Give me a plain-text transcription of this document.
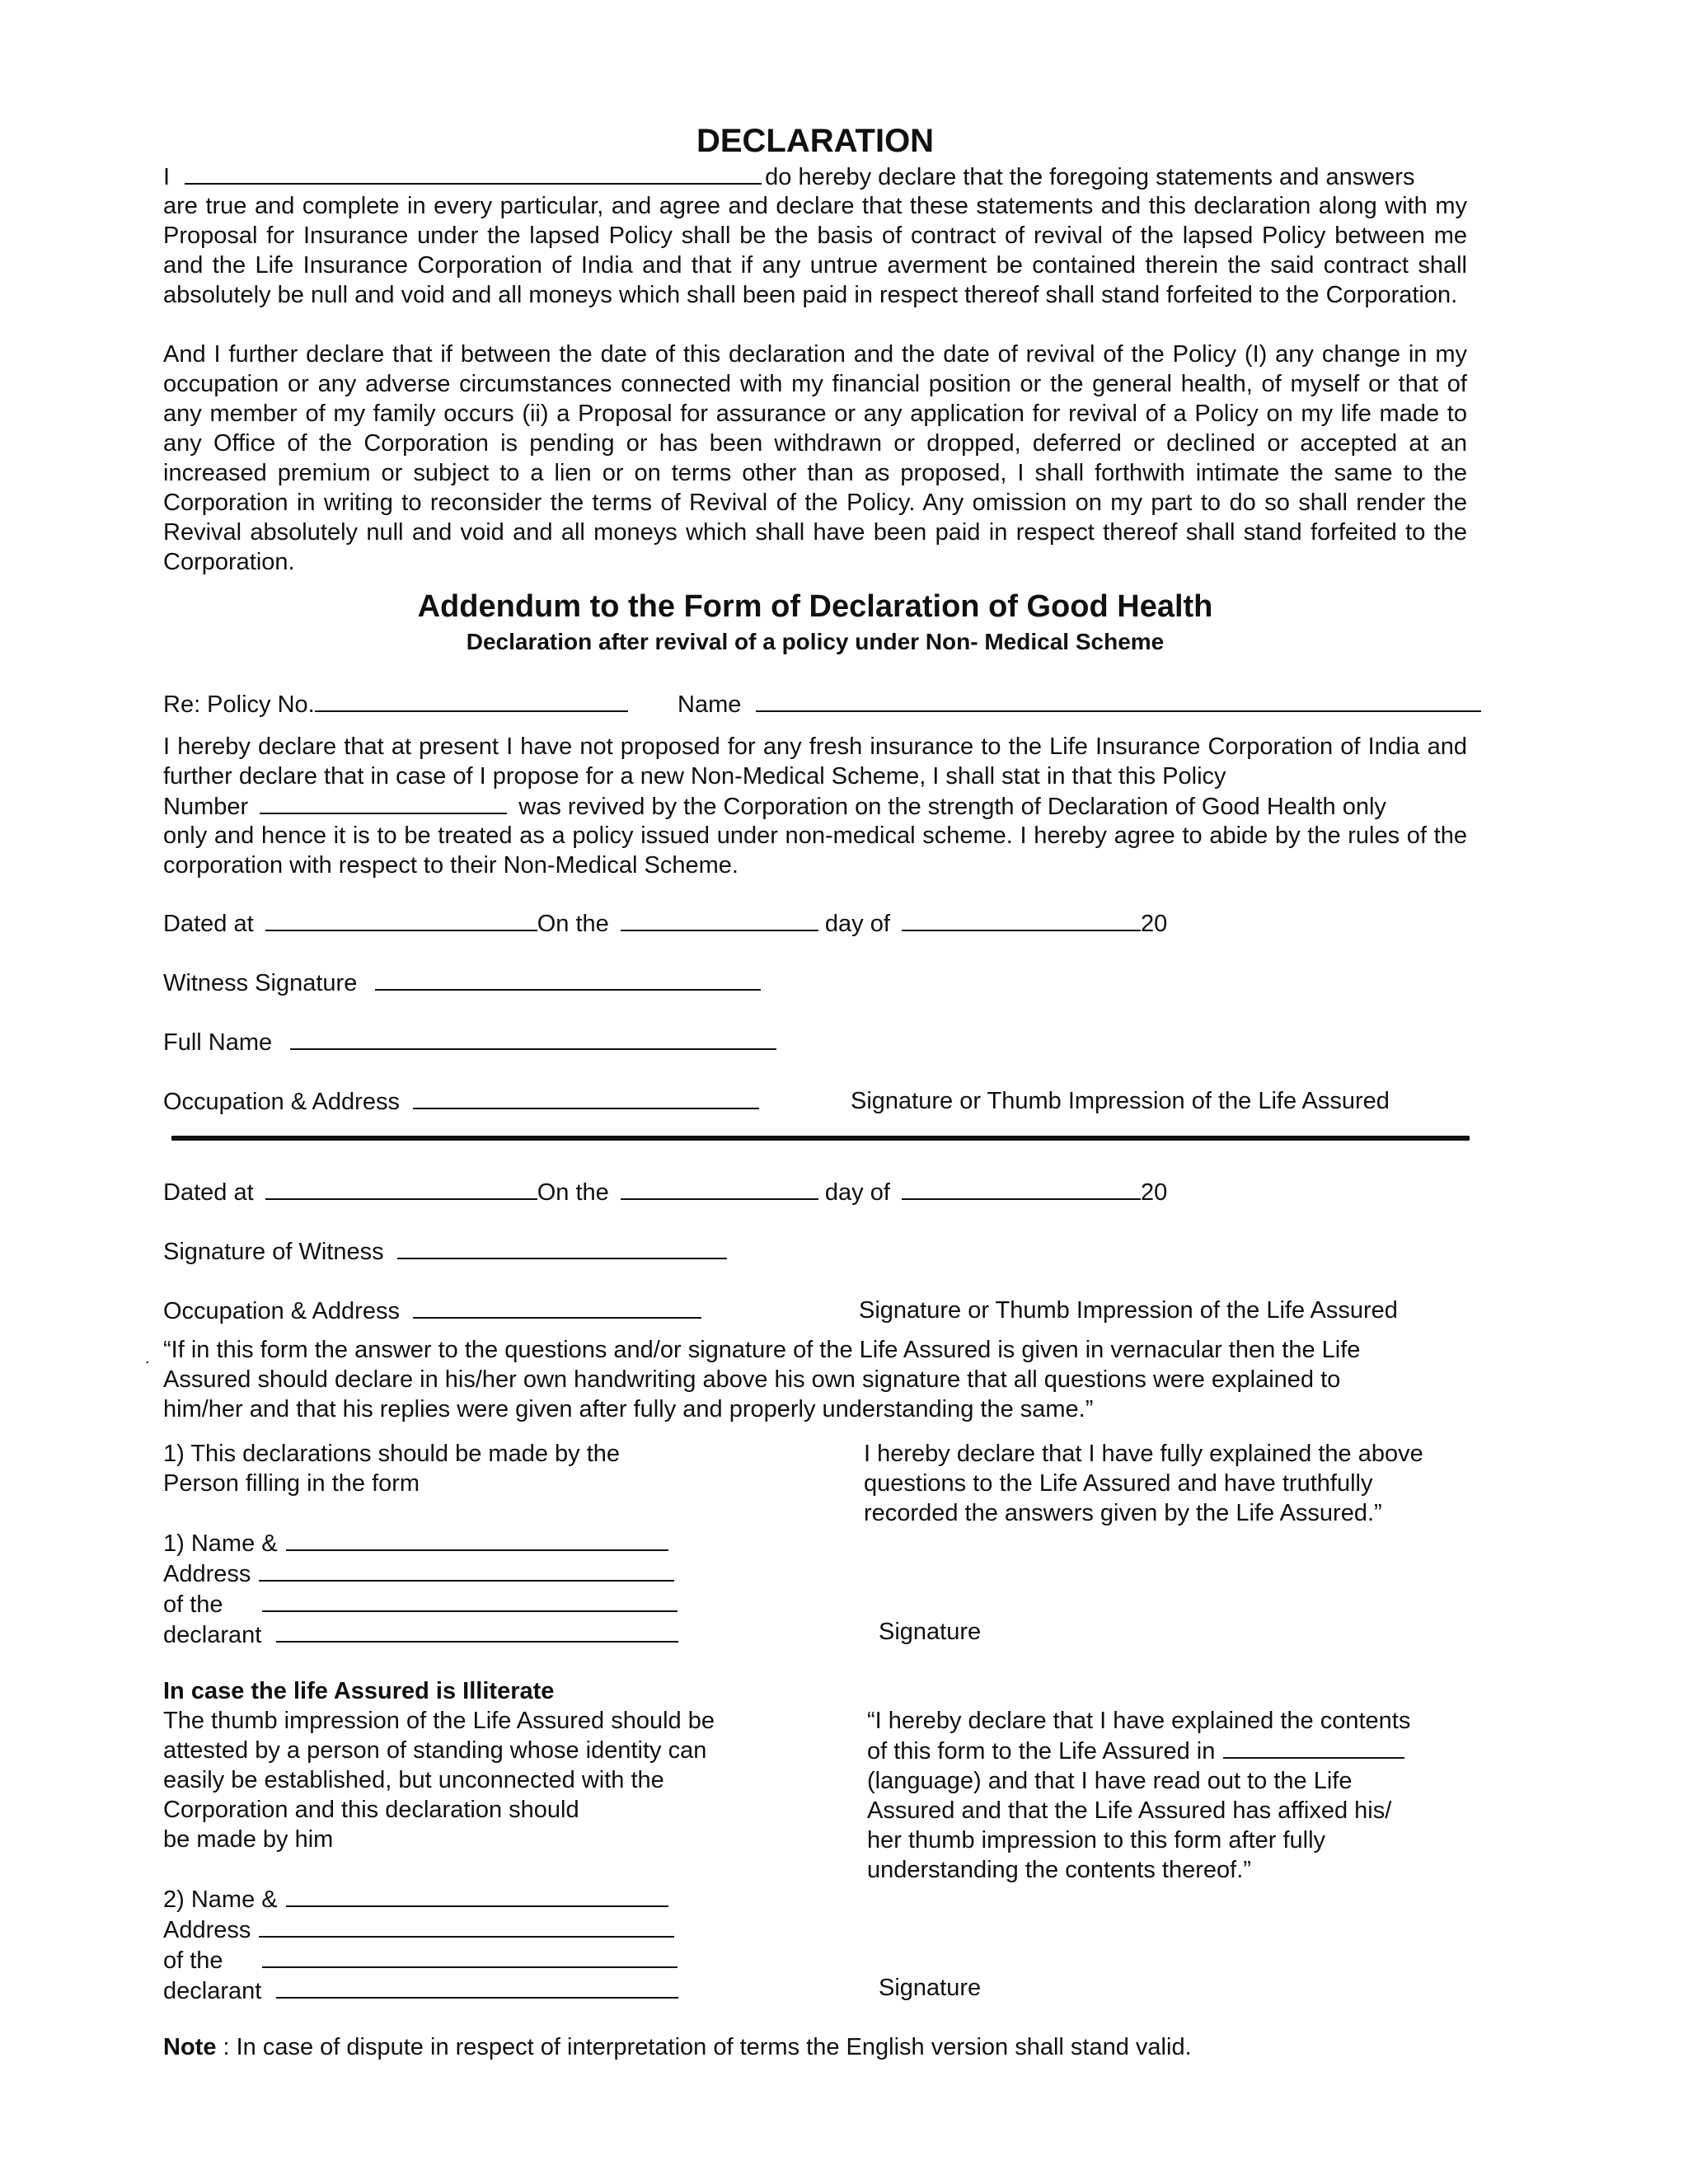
DECLARATION
I	do hereby declare that the foregoing statements and answers

are true and complete in every particular, and agree and declare that these statements and this declaration along with my Proposal for Insurance under the lapsed Policy shall be the basis of contract of revival of the lapsed Policy between me and the Life Insurance Corporation of India and that if any untrue averment be contained therein the said contract shall absolutely be null and void and all moneys which shall been paid in respect thereof shall stand forfeited to the Corporation.

And I further declare that if between the date of this declaration and the date of revival of the Policy (I) any change in my occupation or any adverse circumstances connected with my financial position or the general health, of myself or that of any member of my family occurs (ii) a Proposal for assurance or any application for revival of a Policy on my life made to any Office of the Corporation is pending or has been withdrawn or dropped, deferred or declined or accepted at an increased premium or subject to a lien or on terms other than as proposed, I shall forthwith intimate the same to the Corporation in writing to reconsider the terms of Revival of the Policy. Any omission on my part to do so shall render the Revival absolutely null and void and all moneys which shall have been paid in respect thereof shall stand forfeited to the Corporation.

Addendum to the Form of Declaration of Good Health
Declaration after revival of a policy under Non- Medical Scheme
Re: Policy No.	Name

I hereby declare that at present I have not proposed for any fresh insurance to the Life Insurance Corporation of India and further declare that in case of I propose for a new Non-Medical Scheme, I shall stat in that this Policy

Number	was revived by the Corporation on the strength of Declaration of Good Health only

only and hence it is to be treated as a policy issued under non-medical scheme. I hereby agree to abide by the rules of the corporation with respect to their Non-Medical Scheme.

Dated at	On the	day of	20
Witness Signature
Full Name
Occupation & Address	Signature or Thumb Impression of the Life Assured
Dated at	On the	day of	20
Signature of Witness
Occupation & Address	Signature or Thumb Impression of the Life Assured
. “If in this form the answer to the questions and/or signature of the Life Assured is given in vernacular then the Life
Assured should declare in his/her own handwriting above his own signature that all questions were explained to
him/her and that his replies were given after fully and properly understanding the same.”
1) This declarations should be made by the
Person filling in the form
I hereby declare that I have fully explained the above
questions to the Life Assured and have truthfully
recorded the answers given by the Life Assured.”
1) Name &
Address
of the
declarant	Signature
In case the life Assured is Illiterate
The thumb impression of the Life Assured should be
attested by a person of standing whose identity can
easily be established, but unconnected with the
Corporation and this declaration should
be made by him
“I hereby declare that I have explained the contents
of this form to the Life Assured in
(language) and that I have read out to the Life
Assured and that the Life Assured has affixed his/
her thumb impression to this form after fully
understanding the contents thereof.”
2) Name &
Address
of the
declarant	Signature
Note : In case of dispute in respect of interpretation of terms the English version shall stand valid.
